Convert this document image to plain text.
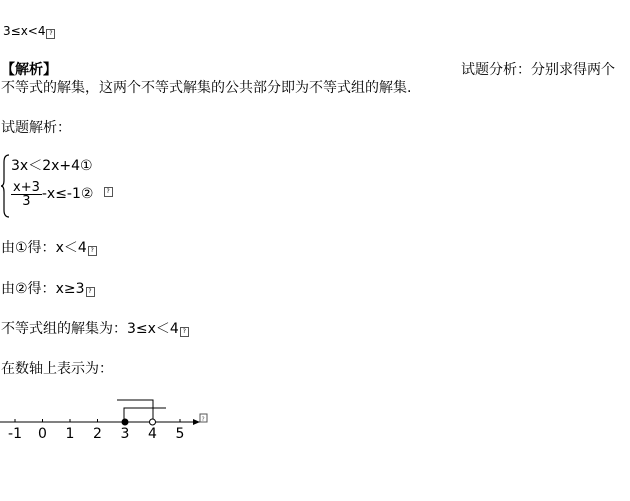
3≤x<4 ?
【解析】	试题分析：分别求得两个
不等式的解集，这两个不等式解集的公共部分即为不等式组的解集.
试题解析：
3x＜2x+4①
$\frac{x+3}{3}$ -x≤-1② ?
由①得：x＜4 ?
由②得：x≥3 ?
不等式组的解集为：3≤x＜4 ?
在数轴上表示为：
-1 0 1 2 3 4 5
?
